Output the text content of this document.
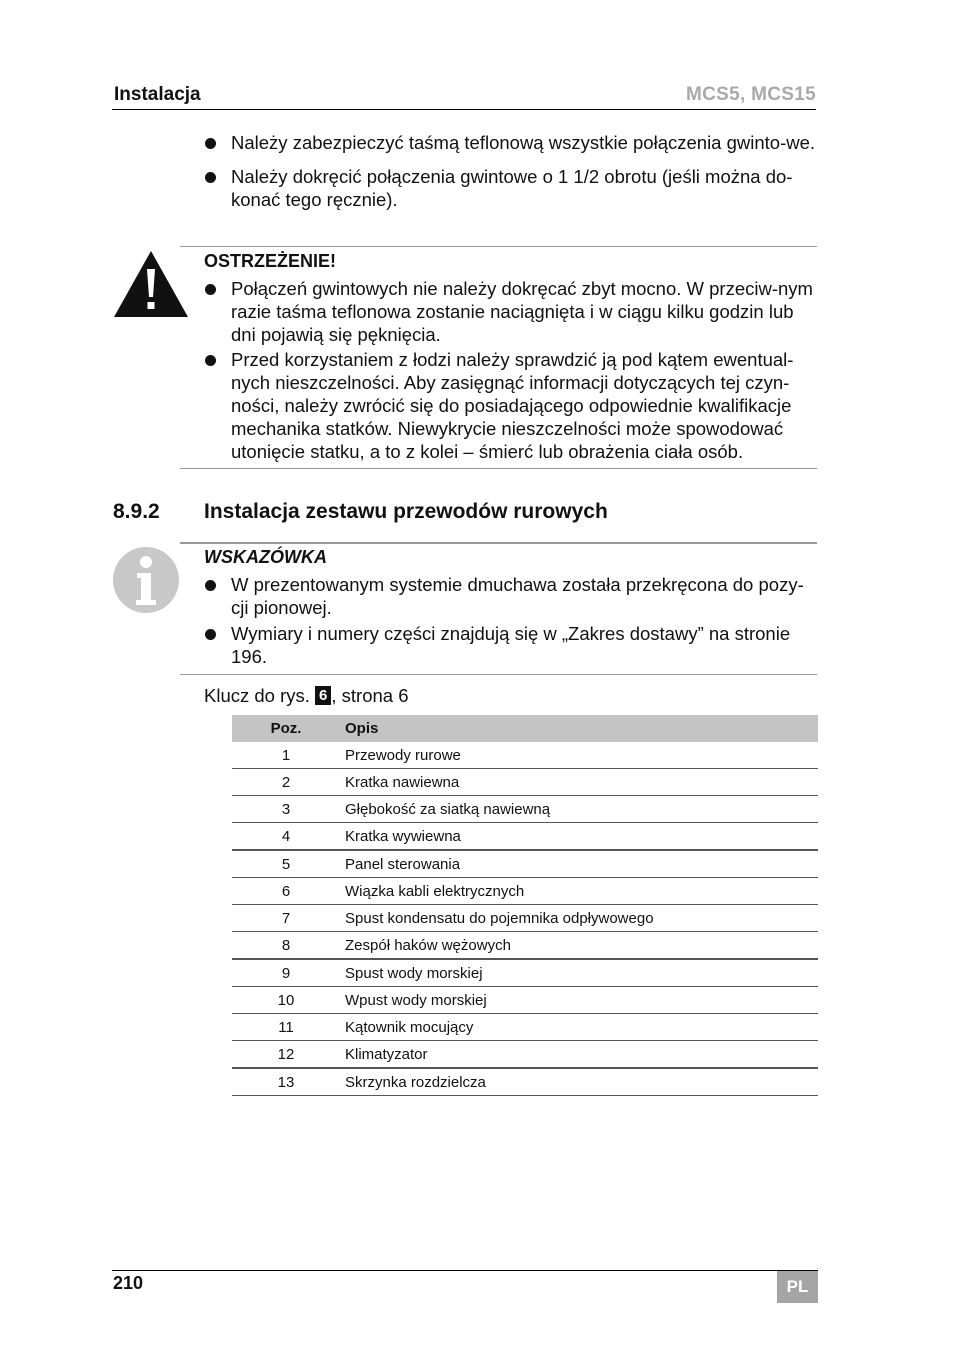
Instalacja	MCS5, MCS15
Należy zabezpieczyć taśmą teflonową wszystkie połączenia gwinto-we.
Należy dokręcić połączenia gwintowe o 1 1/2 obrotu (jeśli można do-konać tego ręcznie).
OSTRZEŻENIE!
Połączeń gwintowych nie należy dokręcać zbyt mocno. W przeciw-nym razie taśma teflonowa zostanie naciągnięta i w ciągu kilku godzin lub dni pojawią się pęknięcia.
Przed korzystaniem z łodzi należy sprawdzić ją pod kątem ewentual-nych nieszczelności. Aby zasięgnąć informacji dotyczących tej czyn-ności, należy zwrócić się do posiadającego odpowiednie kwalifikacje mechanika statków. Niewykrycie nieszczelności może spowodować utonięcie statku, a to z kolei – śmierć lub obrażenia ciała osób.
8.9.2 Instalacja zestawu przewodów rurowych
WSKAZÓWKA
W prezentowanym systemie dmuchawa została przekręcona do pozy-cji pionowej.
Wymiary i numery części znajdują się w „Zakres dostawy” na stronie 196.
Klucz do rys. 6 , strona 6
Poz.	Opis
1	Przewody rurowe
2	Kratka nawiewna
3	Głębokość za siatką nawiewną
4	Kratka wywiewna
5	Panel sterowania
6	Wiązka kabli elektrycznych
7	Spust kondensatu do pojemnika odpływowego
8	Zespół haków wężowych
9	Spust wody morskiej
10	Wpust wody morskiej
11	Kątownik mocujący
12	Klimatyzator
13	Skrzynka rozdzielcza
210	PL
